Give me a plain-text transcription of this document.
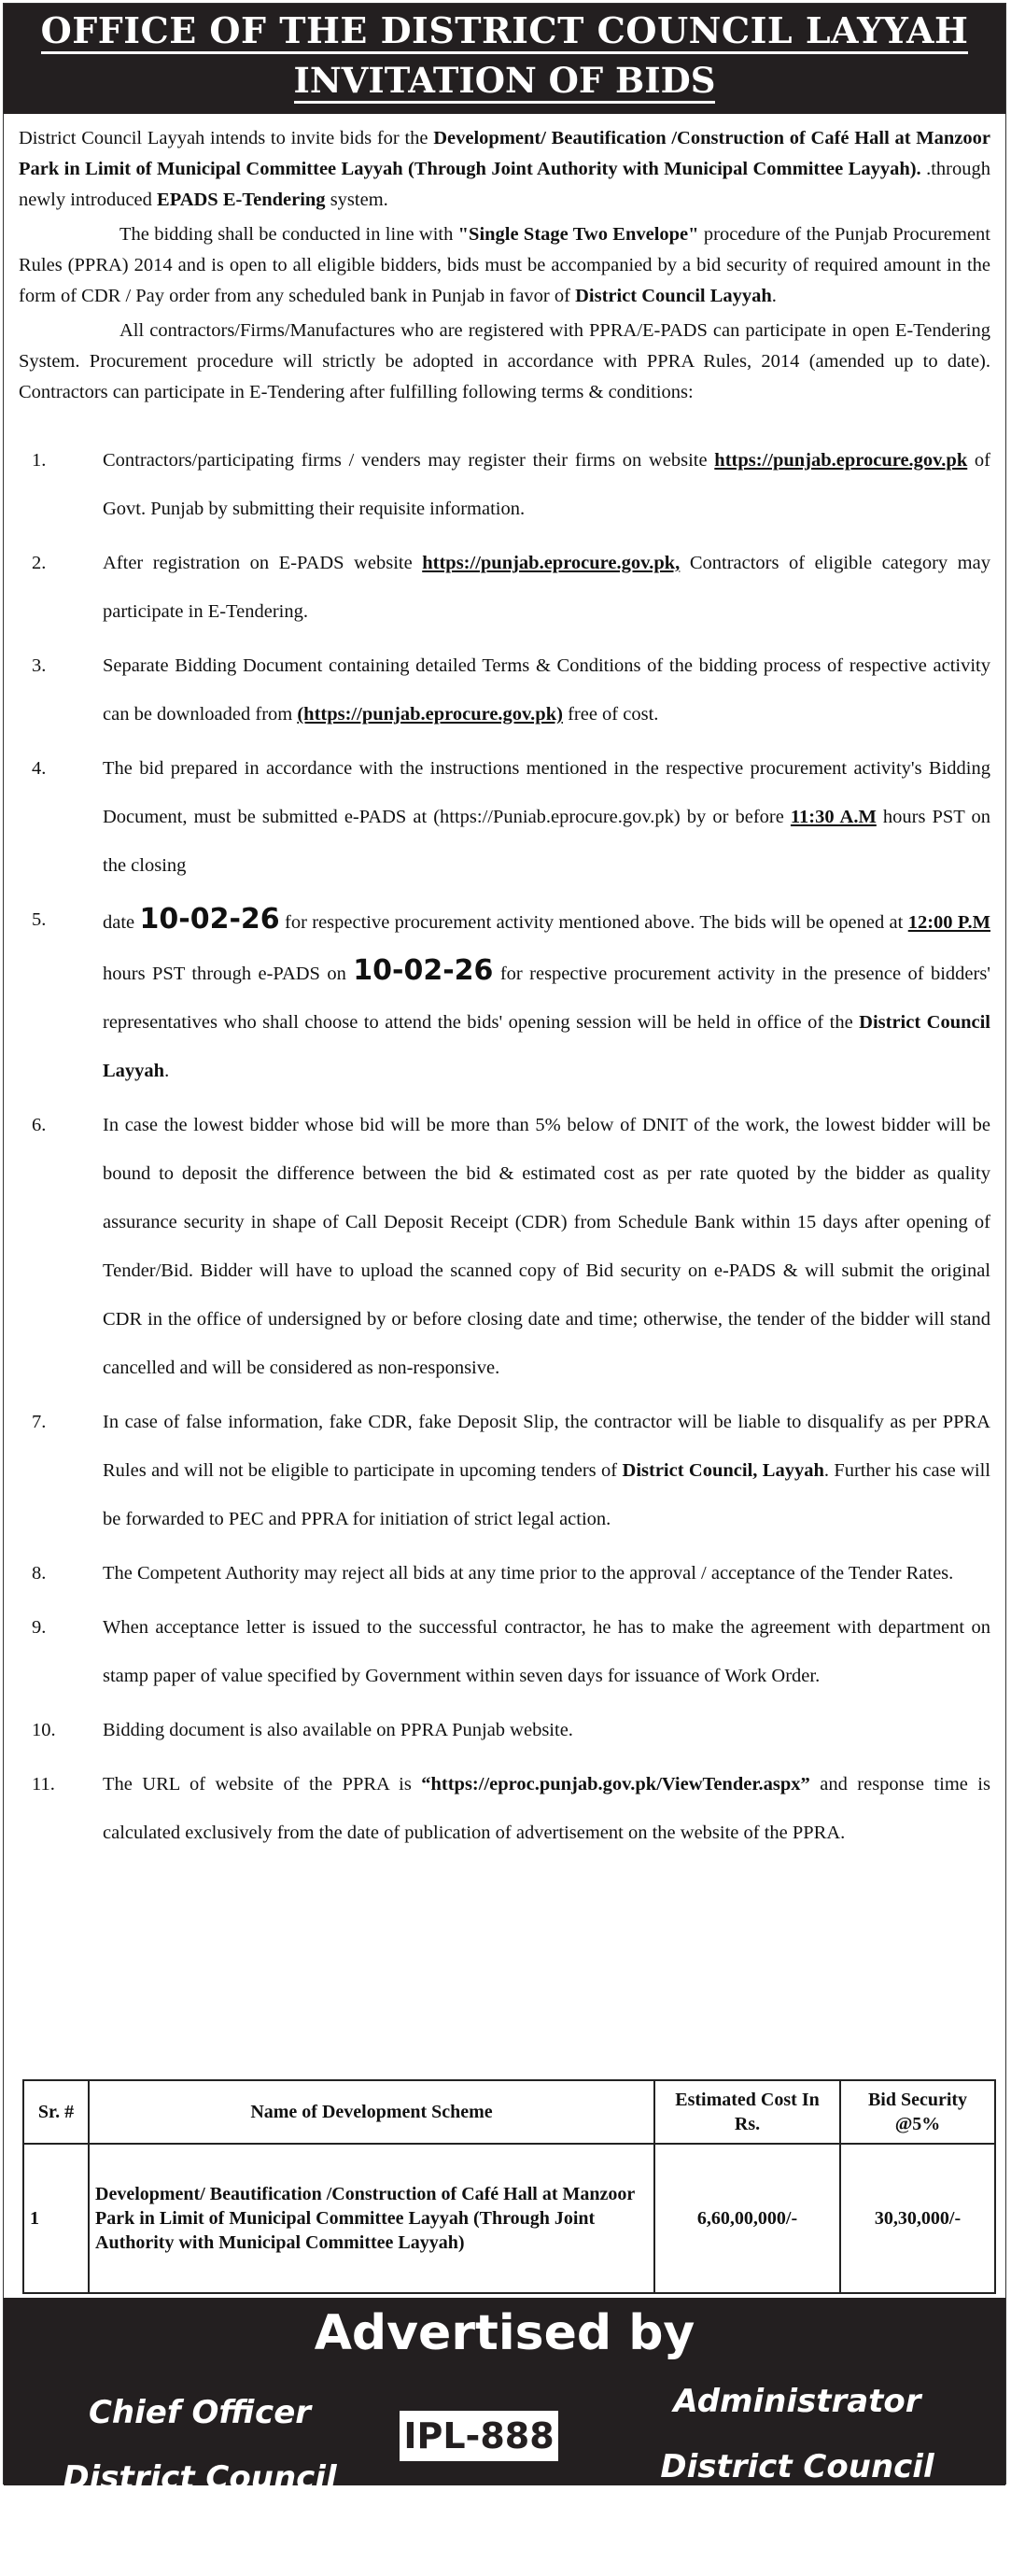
OFFICE OF THE DISTRICT COUNCIL LAYYAH
INVITATION OF BIDS

District Council Layyah intends to invite bids for the Development/ Beautification /Construction of Café Hall at Manzoor Park in Limit of Municipal Committee Layyah (Through Joint Authority with Municipal Committee Layyah). .through newly introduced EPADS E-Tendering system.

The bidding shall be conducted in line with "Single Stage Two Envelope" procedure of the Punjab Procurement Rules (PPRA) 2014 and is open to all eligible bidders, bids must be accompanied by a bid security of required amount in the form of CDR / Pay order from any scheduled bank in Punjab in favor of District Council Layyah.

All contractors/Firms/Manufactures who are registered with PPRA/E-PADS can participate in open E-Tendering System. Procurement procedure will strictly be adopted in accordance with PPRA Rules, 2014 (amended up to date). Contractors can participate in E-Tendering after fulfilling following terms & conditions:

1.	Contractors/participating firms / venders may register their firms on website https://punjab.eprocure.gov.pk of Govt. Punjab by submitting their requisite information.
2.	After registration on E-PADS website https://punjab.eprocure.gov.pk, Contractors of eligible category may participate in E-Tendering.
3.	Separate Bidding Document containing detailed Terms & Conditions of the bidding process of respective activity can be downloaded from (https://punjab.eprocure.gov.pk) free of cost.
4.	The bid prepared in accordance with the instructions mentioned in the respective procurement activity's Bidding Document, must be submitted e-PADS at (https://Puniab.eprocure.gov.pk) by or before 11:30 A.M hours PST on the closing
5.	date 10-02-26 for respective procurement activity mentioned above. The bids will be opened at 12:00 P.M hours PST through e-PADS on 10-02-26 for respective procurement activity in the presence of bidders' representatives who shall choose to attend the bids' opening session will be held in office of the District Council Layyah.
6.	In case the lowest bidder whose bid will be more than 5% below of DNIT of the work, the lowest bidder will be bound to deposit the difference between the bid & estimated cost as per rate quoted by the bidder as quality assurance security in shape of Call Deposit Receipt (CDR) from Schedule Bank within 15 days after opening of Tender/Bid. Bidder will have to upload the scanned copy of Bid security on e-PADS & will submit the original CDR in the office of undersigned by or before closing date and time; otherwise, the tender of the bidder will stand cancelled and will be considered as non-responsive.
7.	In case of false information, fake CDR, fake Deposit Slip, the contractor will be liable to disqualify as per PPRA Rules and will not be eligible to participate in upcoming tenders of District Council, Layyah. Further his case will be forwarded to PEC and PPRA for initiation of strict legal action.
8.	The Competent Authority may reject all bids at any time prior to the approval / acceptance of the Tender Rates.
9.	When acceptance letter is issued to the successful contractor, he has to make the agreement with department on stamp paper of value specified by Government within seven days for issuance of Work Order.
10. Bidding document is also available on PPRA Punjab website.
11. The URL of website of the PPRA is “https://eproc.punjab.gov.pk/ViewTender.aspx” and response time is calculated exclusively from the date of publication of advertisement on the website of the PPRA.
Sr. #	Name of Development Scheme	Estimated Cost In Rs.	Bid Security @5%
1	Development/ Beautification /Construction of Café Hall at Manzoor Park in Limit of Municipal Committee Layyah (Through Joint Authority with Municipal Committee Layyah)	6,60,00,000/-	30,30,000/-
Advertised by
Chief Officer
District Council Layyah
IPL-888
Administrator
District Council Layyah
